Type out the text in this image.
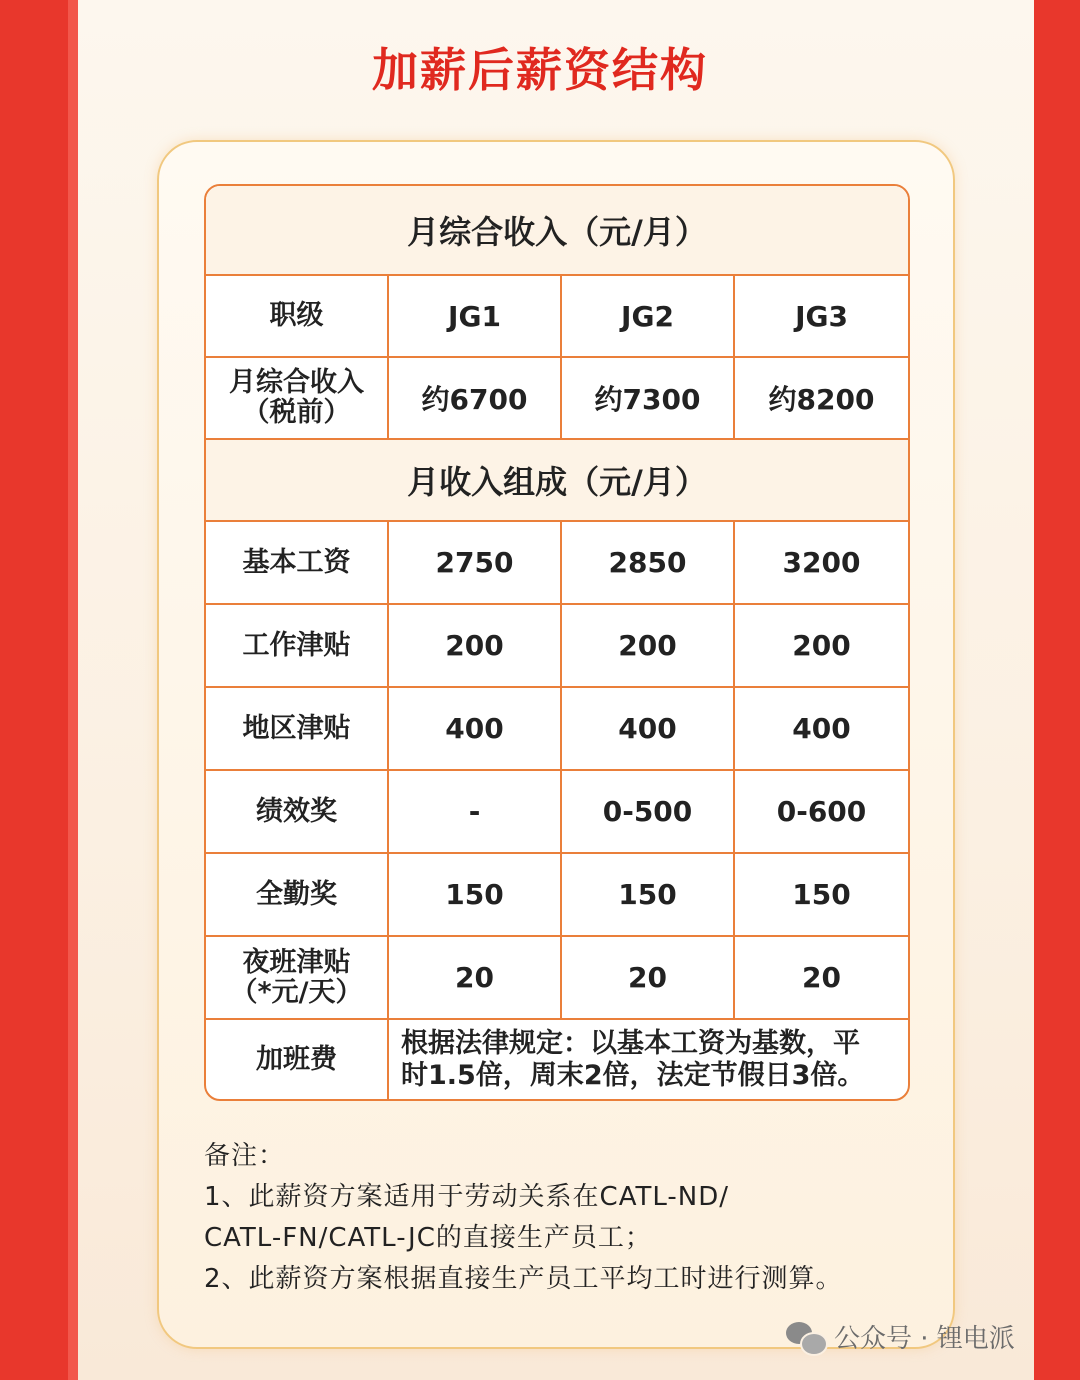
加薪后薪资结构
月综合收入（元/月）			
职级	JG1	JG2	JG3

月综合收入
（税前）	约6700	约7300	约8200
月收入组成（元/月）			
基本工资	2750	2850	3200
工作津贴	200	200	200
地区津贴	400	400	400
绩效奖	-	0-500	0-600
全勤奖	150	150	150

夜班津贴
（*元/天）	20	20	20
加班费	根据法律规定：以基本工资为基数，平
时1.5倍，周末2倍，法定节假日3倍。		
备注：
1、此薪资方案适用于劳动关系在CATL-ND/
CATL-FN/CATL-JC的直接生产员工；
2、此薪资方案根据直接生产员工平均工时进行测算。
公众号 · 锂电派
